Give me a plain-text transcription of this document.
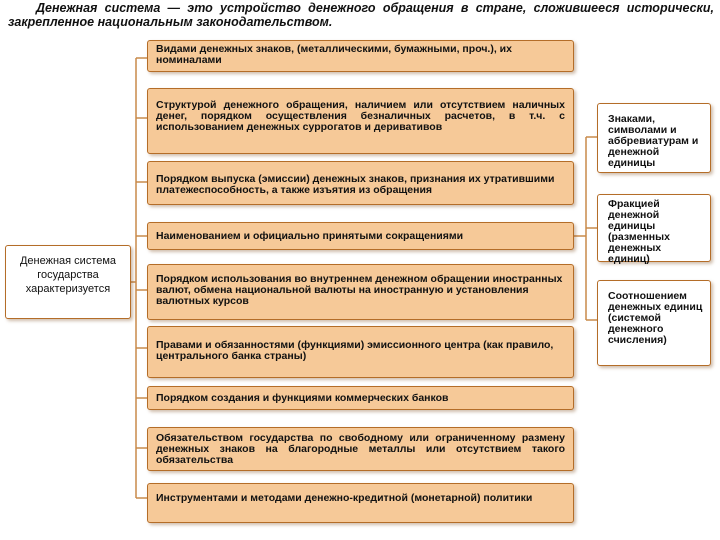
Денежная система — это устройство денежного обращения в стране, сложившееся исторически, закрепленное национальным законодательством.
Денежная система государства характеризуется
Видами денежных знаков, (металлическими, бумажными, проч.), их номиналами
Структурой денежного обращения, наличием или отсутствием наличных денег, порядком осуществления безналичных расчетов, в т.ч. с использованием денежных суррогатов и деривативов
Порядком выпуска (эмиссии) денежных знаков, признания их утратившими платежеспособность, а также изъятия из обращения
Наименованием и официально принятыми сокращениями
Порядком использования во внутреннем денежном обращении иностранных валют, обмена национальной валюты на иностранную и установления валютных курсов
Правами и обязанностями (функциями) эмиссионного центра (как правило, центрального банка страны)
Порядком создания и функциями коммерческих банков
Обязательством государства по свободному или ограниченному размену денежных знаков на благородные металлы или отсутствием такого обязательства
Инструментами и методами денежно-кредитной (монетарной) политики
Знаками, символами и аббревиатурам и денежной единицы
Фракцией денежной единицы (разменных денежных единиц)
Соотношением денежных единиц (системой денежного счисления)
